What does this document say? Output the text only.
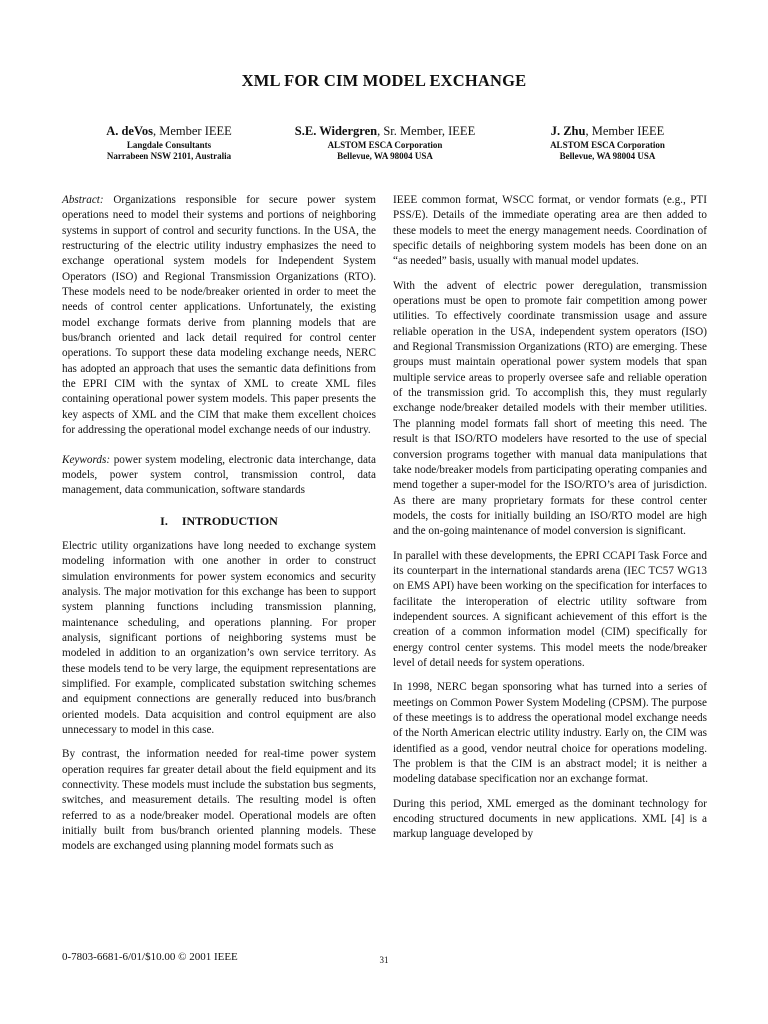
XML FOR CIM MODEL EXCHANGE
A. deVos, Member IEEE
Langdale Consultants
Narrabeen NSW 2101, Australia
S.E. Widergren, Sr. Member, IEEE
ALSTOM ESCA Corporation
Bellevue, WA 98004 USA
J. Zhu, Member IEEE
ALSTOM ESCA Corporation
Bellevue, WA 98004 USA

Abstract: Organizations responsible for secure power system operations need to model their systems and portions of neighboring systems in support of control and security functions. In the USA, the restructuring of the electric utility industry emphasizes the need to exchange operational system models for Independent System Operators (ISO) and Regional Transmission Organizations (RTO). These models need to be node/breaker oriented in order to meet the needs of control center applications. Unfortunately, the existing model exchange formats derive from planning models that are bus/branch oriented and lack detail required for control center operations. To support these data modeling exchange needs, NERC has adopted an approach that uses the semantic data definitions from the EPRI CIM with the syntax of XML to create XML files containing operational power system models. This paper presents the key aspects of XML and the CIM that make them excellent choices for addressing the operational model exchange needs of our industry.

Keywords: power system modeling, electronic data interchange, data models, power system control, transmission control, data management, data communication, software standards

I. INTRODUCTION

Electric utility organizations have long needed to exchange system modeling information with one another in order to construct simulation environments for power system economics and security analysis. The major motivation for this exchange has been to support system planning functions including transmission planning, maintenance scheduling, and operations planning. For proper analysis, significant portions of neighboring systems must be modeled in addition to an organization’s own service territory. As these models tend to be very large, the equipment representations are simplified. For example, complicated substation switching schemes and equipment connections are generally reduced into bus/branch oriented models. Data acquisition and control equipment are also unnecessary to model in this case.

By contrast, the information needed for real-time power system operation requires far greater detail about the field equipment and its connectivity. These models must include the substation bus segments, switches, and measurement details. The resulting model is often referred to as a node/breaker model. Operational models are often initially built from bus/branch oriented planning models. These models are exchanged using planning model formats such as

IEEE common format, WSCC format, or vendor formats (e.g., PTI PSS/E). Details of the immediate operating area are then added to these models to meet the energy management needs. Coordination of specific details of neighboring system models has been done on an “as needed” basis, usually with manual model updates.

With the advent of electric power deregulation, transmission operations must be open to promote fair competition among power utilities. To effectively coordinate transmission usage and assure reliable operation in the USA, independent system operators (ISO) and Regional Transmission Organizations (RTO) are emerging. These groups must maintain operational power system models that span multiple service areas to properly oversee safe and reliable operation of the transmission grid. To accomplish this, they must regularly exchange node/breaker detailed models with their member utilities. The planning model formats fall short of meeting this need. The result is that ISO/RTO modelers have resorted to the use of special conversion programs together with manual data manipulations that take node/breaker models from participating operating companies and mend together a super-model for the ISO/RTO’s area of jurisdiction. As there are many proprietary formats for these control center models, the costs for initially building an ISO/RTO model are high and the on-going maintenance of model conversion is significant.

In parallel with these developments, the EPRI CCAPI Task Force and its counterpart in the international standards arena (IEC TC57 WG13 on EMS API) have been working on the specification for interfaces to facilitate the interoperation of electric utility software from independent sources. A significant achievement of this effort is the creation of a common information model (CIM) specifically for energy control center systems. This model meets the node/breaker level of detail needs for system operations.

In 1998, NERC began sponsoring what has turned into a series of meetings on Common Power System Modeling (CPSM). The purpose of these meetings is to address the operational model exchange needs of the North American electric utility industry. Early on, the CIM was identified as a good, vendor neutral choice for operations modeling. The problem is that the CIM is an abstract model; it is neither a modeling database specification nor an exchange format.

During this period, XML emerged as the dominant technology for encoding structured documents in new applications. XML [4] is a markup language developed by

0-7803-6681-6/01/$10.00 © 2001 IEEE	31
